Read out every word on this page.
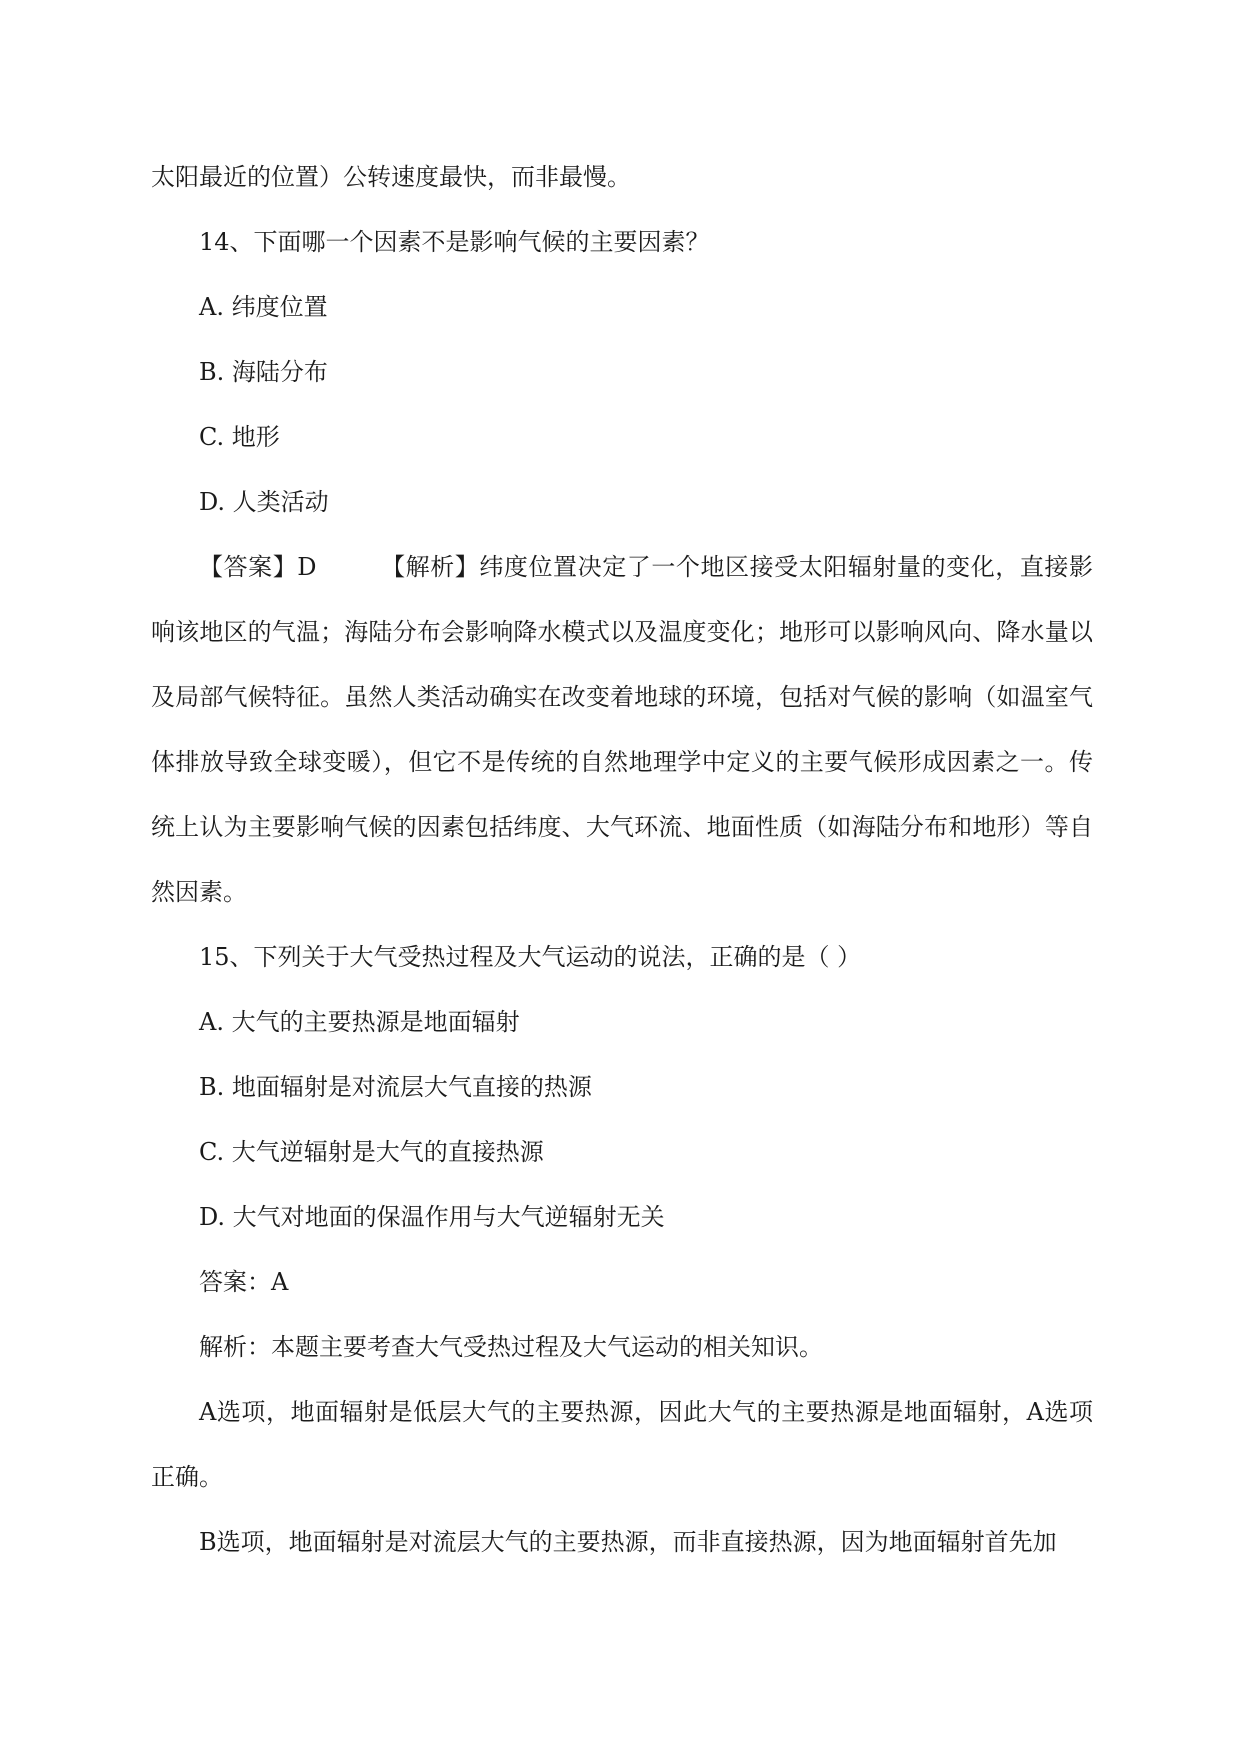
太阳最近的位置）公转速度最快，而非最慢。

14、下面哪一个因素不是影响气候的主要因素？

A. 纬度位置

B. 海陆分布

C. 地形

D. 人类活动

【答案】D	【解析】纬度位置决定了一个地区接受太阳辐射量的变化，直接影响该地区的气温；海陆分布会影响降水模式以及温度变化；地形可以影响风向、降水量以及局部气候特征。虽然人类活动确实在改变着地球的环境，包括对气候的影响（如温室气体排放导致全球变暖），但它不是传统的自然地理学中定义的主要气候形成因素之一。传统上认为主要影响气候的因素包括纬度、大气环流、地面性质（如海陆分布和地形）等自然因素。

15、下列关于大气受热过程及大气运动的说法，正确的是（ ）

A. 大气的主要热源是地面辐射

B. 地面辐射是对流层大气直接的热源

C. 大气逆辐射是大气的直接热源

D. 大气对地面的保温作用与大气逆辐射无关

答案：A

解析：本题主要考查大气受热过程及大气运动的相关知识。

A选项，地面辐射是低层大气的主要热源，因此大气的主要热源是地面辐射，A选项正确。

B选项，地面辐射是对流层大气的主要热源，而非直接热源，因为地面辐射首先加
